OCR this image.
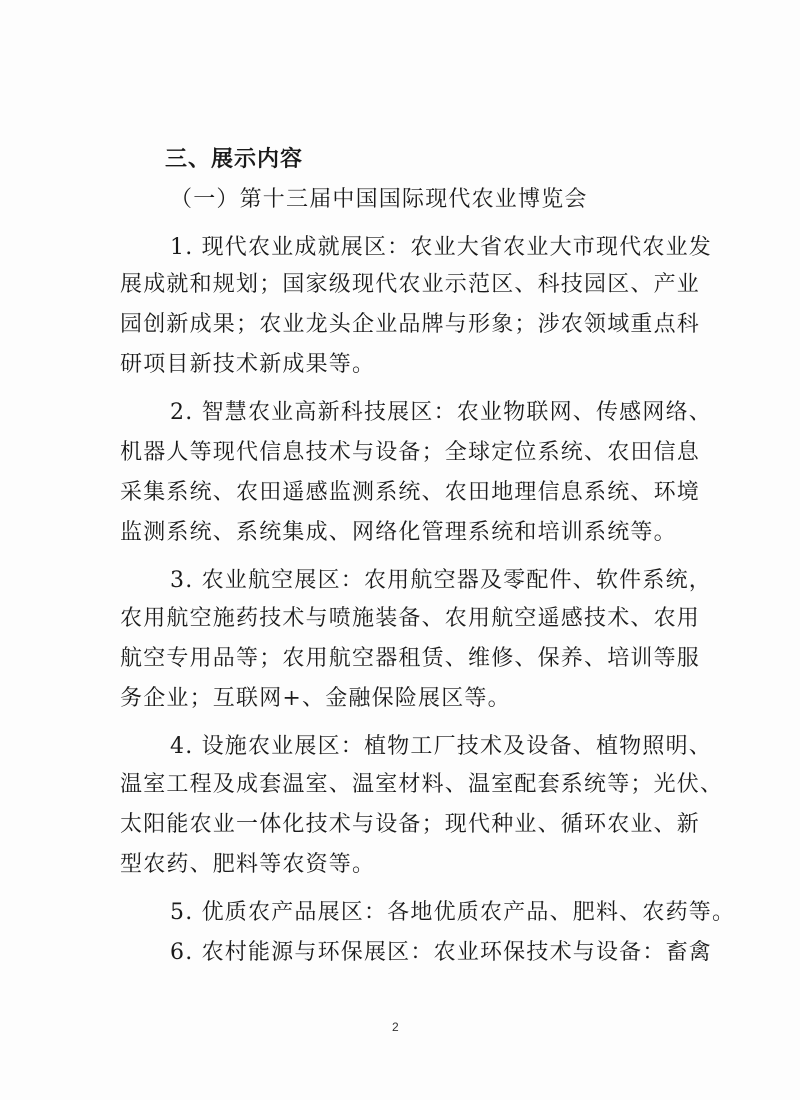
三、展示内容
（一）第十三届中国国际现代农业博览会
1. 现代农业成就展区：农业大省农业大市现代农业发
展成就和规划；国家级现代农业示范区、科技园区、产业
园创新成果；农业龙头企业品牌与形象；涉农领域重点科
研项目新技术新成果等。
2. 智慧农业高新科技展区：农业物联网、传感网络、
机器人等现代信息技术与设备；全球定位系统、农田信息
采集系统、农田遥感监测系统、农田地理信息系统、环境
监测系统、系统集成、网络化管理系统和培训系统等。
3. 农业航空展区：农用航空器及零配件、软件系统，
农用航空施药技术与喷施装备、农用航空遥感技术、农用
航空专用品等；农用航空器租赁、维修、保养、培训等服
务企业；互联网+、金融保险展区等。
4. 设施农业展区：植物工厂技术及设备、植物照明、
温室工程及成套温室、温室材料、温室配套系统等；光伏、
太阳能农业一体化技术与设备；现代种业、循环农业、新
型农药、肥料等农资等。
5. 优质农产品展区：各地优质农产品、肥料、农药等。
6. 农村能源与环保展区：农业环保技术与设备：畜禽
2
